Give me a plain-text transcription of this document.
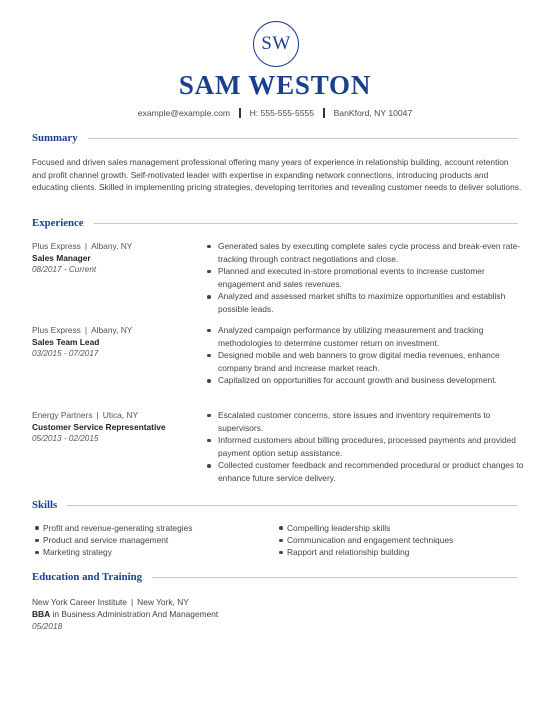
SW
SAM WESTON
example@example.com H: 555-555-5555 BanKford, NY 10047
Summary
Focused and driven sales management professional offering many years of experience in relationship building, account retention and profit channel growth. Self-motivated leader with expertise in expanding network connections, introducing products and educating clients. Skilled in implementing pricing strategies, developing territories and revealing customer needs to deliver solutions.
Experience
Plus Express | Albany, NY
Sales Manager
08/2017 - Current
Generated sales by executing complete sales cycle process and break-even rate-tracking through contract negotiations and close.
Planned and executed in-store promotional events to increase customer engagement and sales revenues.
Analyzed and assessed market shifts to maximize opportunities and establish possible leads.
Plus Express | Albany, NY
Sales Team Lead
03/2015 - 07/2017
Analyzed campaign performance by utilizing measurement and tracking methodologies to determine customer return on investment.
Designed mobile and web banners to grow digital media revenues, enhance company brand and increase market reach.
Capitalized on opportunities for account growth and business development.
Energy Partners | Utica, NY
Customer Service Representative
05/2013 - 02/2015
Escalated customer concerns, store issues and inventory requirements to supervisors.
Informed customers about billing procedures, processed payments and provided payment option setup assistance.
Collected customer feedback and recommended procedural or product changes to enhance future service delivery.
Skills
Profit and revenue-generating strategies
Product and service management
Marketing strategy
Compelling leadership skills
Communication and engagement techniques
Rapport and relationship building
Education and Training
New York Career Institute | New York, NY
BBA in Business Administration And Management
05/2018
